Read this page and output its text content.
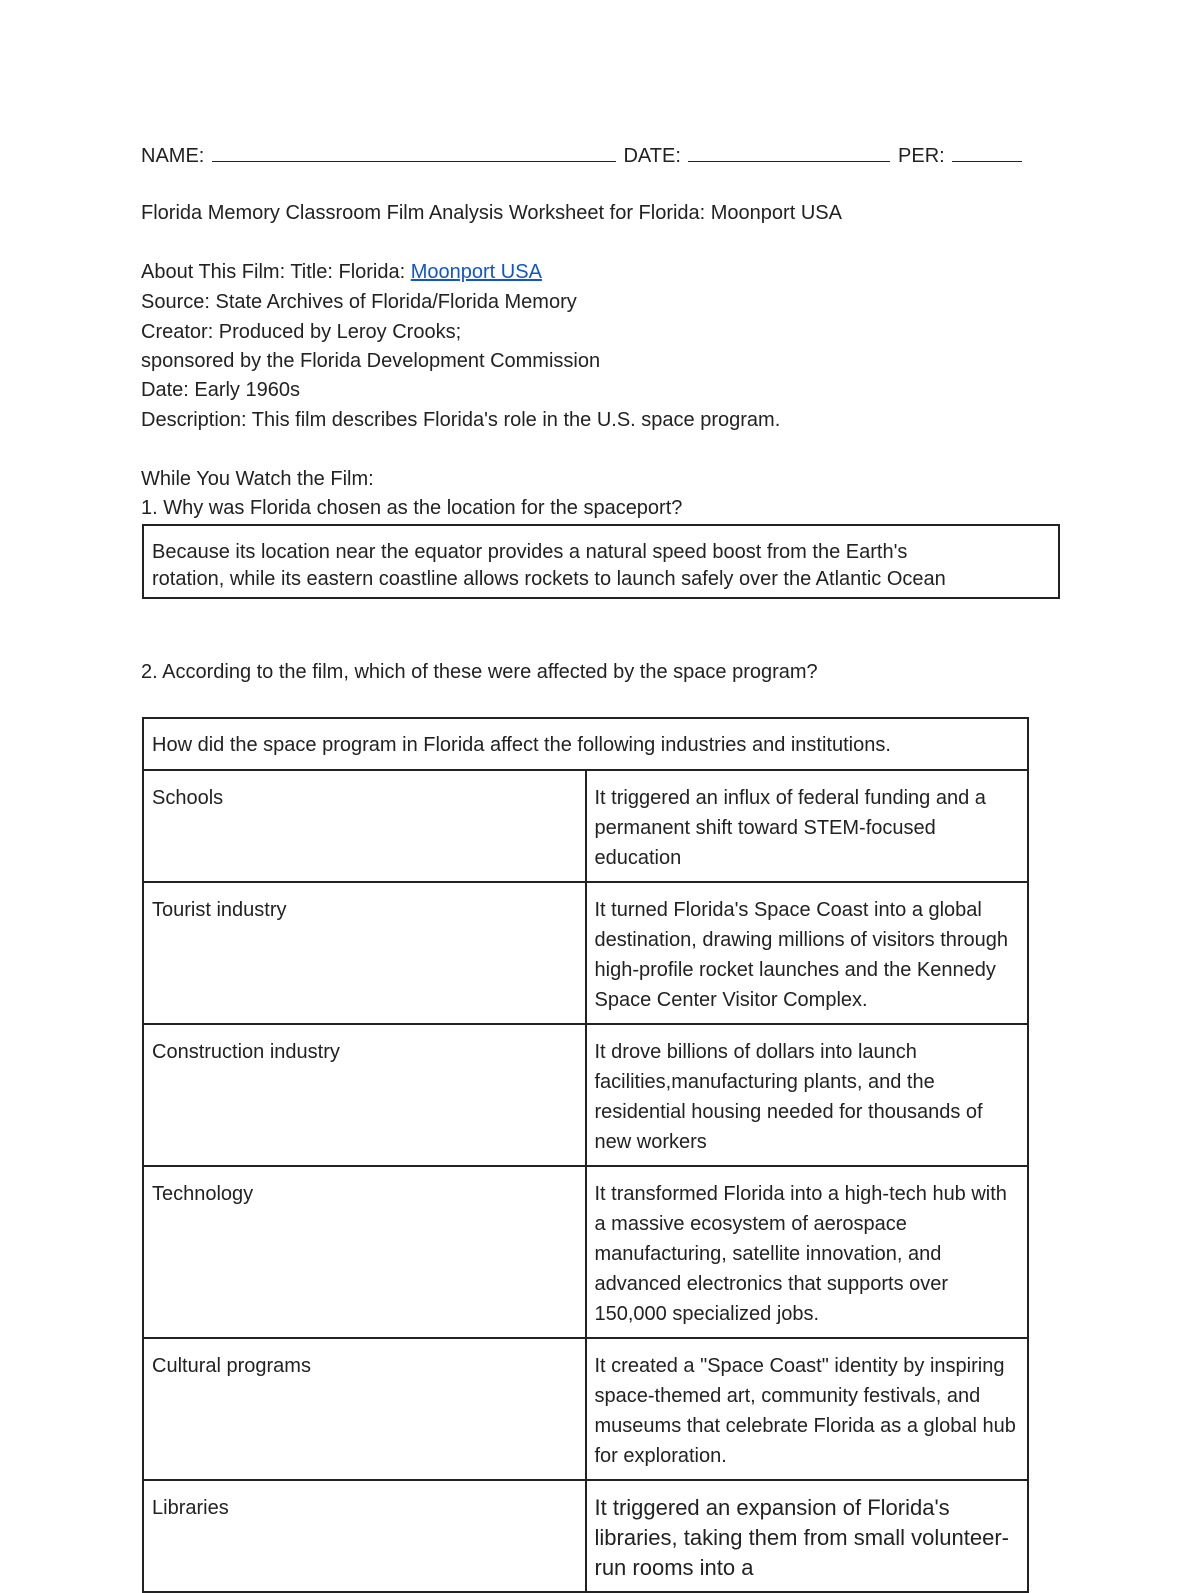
NAME:	DATE:	PER:
Florida Memory Classroom Film Analysis Worksheet for Florida: Moonport USA
About This Film: Title: Florida: Moonport USA
Source: State Archives of Florida/Florida Memory
Creator: Produced by Leroy Crooks;
sponsored by the Florida Development Commission
Date: Early 1960s
Description: This film describes Florida's role in the U.S. space program.
While You Watch the Film:
1. Why was Florida chosen as the location for the spaceport?
Because its location near the equator provides a natural speed boost from the Earth's
rotation, while its eastern coastline allows rockets to launch safely over the Atlantic Ocean
2. According to the film, which of these were affected by the space program?
How did the space program in Florida affect the following industries and institutions.	
Schools	It triggered an influx of federal funding and a permanent shift toward STEM-focused education
Tourist industry	It turned Florida's Space Coast into a global destination, drawing millions of visitors through high-profile rocket launches and the Kennedy Space Center Visitor Complex.
Construction industry	It drove billions of dollars into launch facilities,manufacturing plants, and the residential housing needed for thousands of new workers
Technology	It transformed Florida into a high-tech hub with a massive ecosystem of aerospace manufacturing, satellite innovation, and advanced electronics that supports over 150,000 specialized jobs.
Cultural programs	It created a "Space Coast" identity by inspiring space-themed art, community festivals, and museums that celebrate Florida as a global hub for exploration.
Libraries	It triggered an expansion of Florida's libraries, taking them from small volunteer-run rooms into a
